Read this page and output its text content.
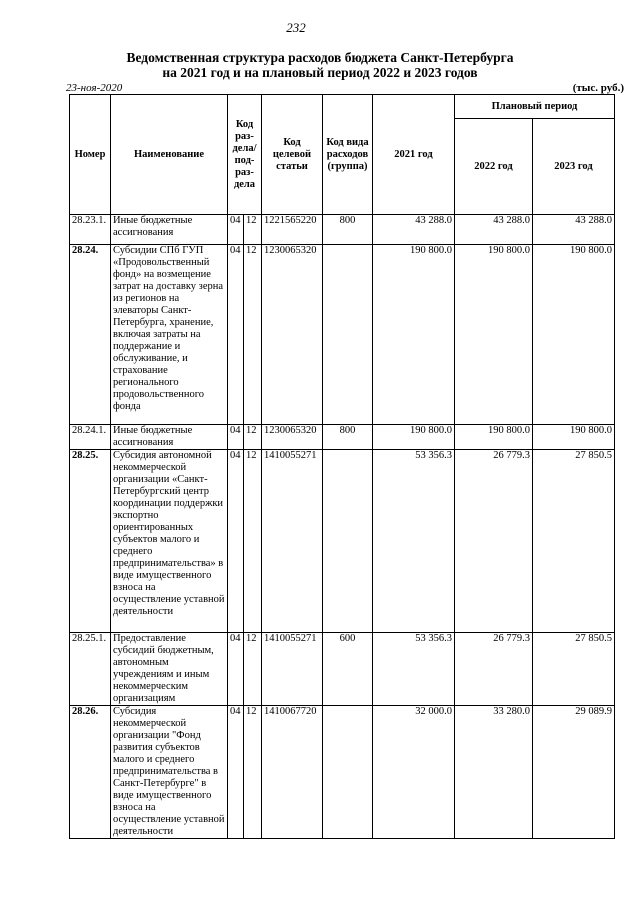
232
Ведомственная структура расходов бюджета Санкт-Петербурга
на 2021 год и на плановый период 2022 и 2023 годов
23-ноя-2020	(тыс. руб.)
Номер	Наименование	Код раз- дела/ под- раз- дела		Код целевой статьи	Код вида расходов (группа)	2021 год	Плановый период	
							2022 год	2023 год
28.23.1.	Иные бюджетные ассигнования	04	12	1221565220	800	43 288.0	43 288.0	43 288.0
28.24.	Субсидии СПб ГУП «Продовольственный фонд» на возмещение затрат на доставку зерна из регионов на элеваторы Санкт-Петербурга, хранение, включая затраты на поддержание и обслуживание, и страхование регионального продовольственного фонда	04	12	1230065320		190 800.0	190 800.0	190 800.0
28.24.1.	Иные бюджетные ассигнования	04	12	1230065320	800	190 800.0	190 800.0	190 800.0
28.25.	Субсидия автономной некоммерческой организации «Санкт-Петербургский центр координации поддержки экспортно ориентированных субъектов малого и среднего предпринимательства» в виде имущественного взноса на осуществление уставной деятельности	04	12	1410055271		53 356.3	26 779.3	27 850.5
28.25.1.	Предоставление субсидий бюджетным, автономным учреждениям и иным некоммерческим организациям	04	12	1410055271	600	53 356.3	26 779.3	27 850.5
28.26.	Субсидия некоммерческой организации "Фонд развития субъектов малого и среднего предпринимательства в Санкт-Петербурге" в виде имущественного взноса на осуществление уставной деятельности	04	12	1410067720		32 000.0	33 280.0	29 089.9
